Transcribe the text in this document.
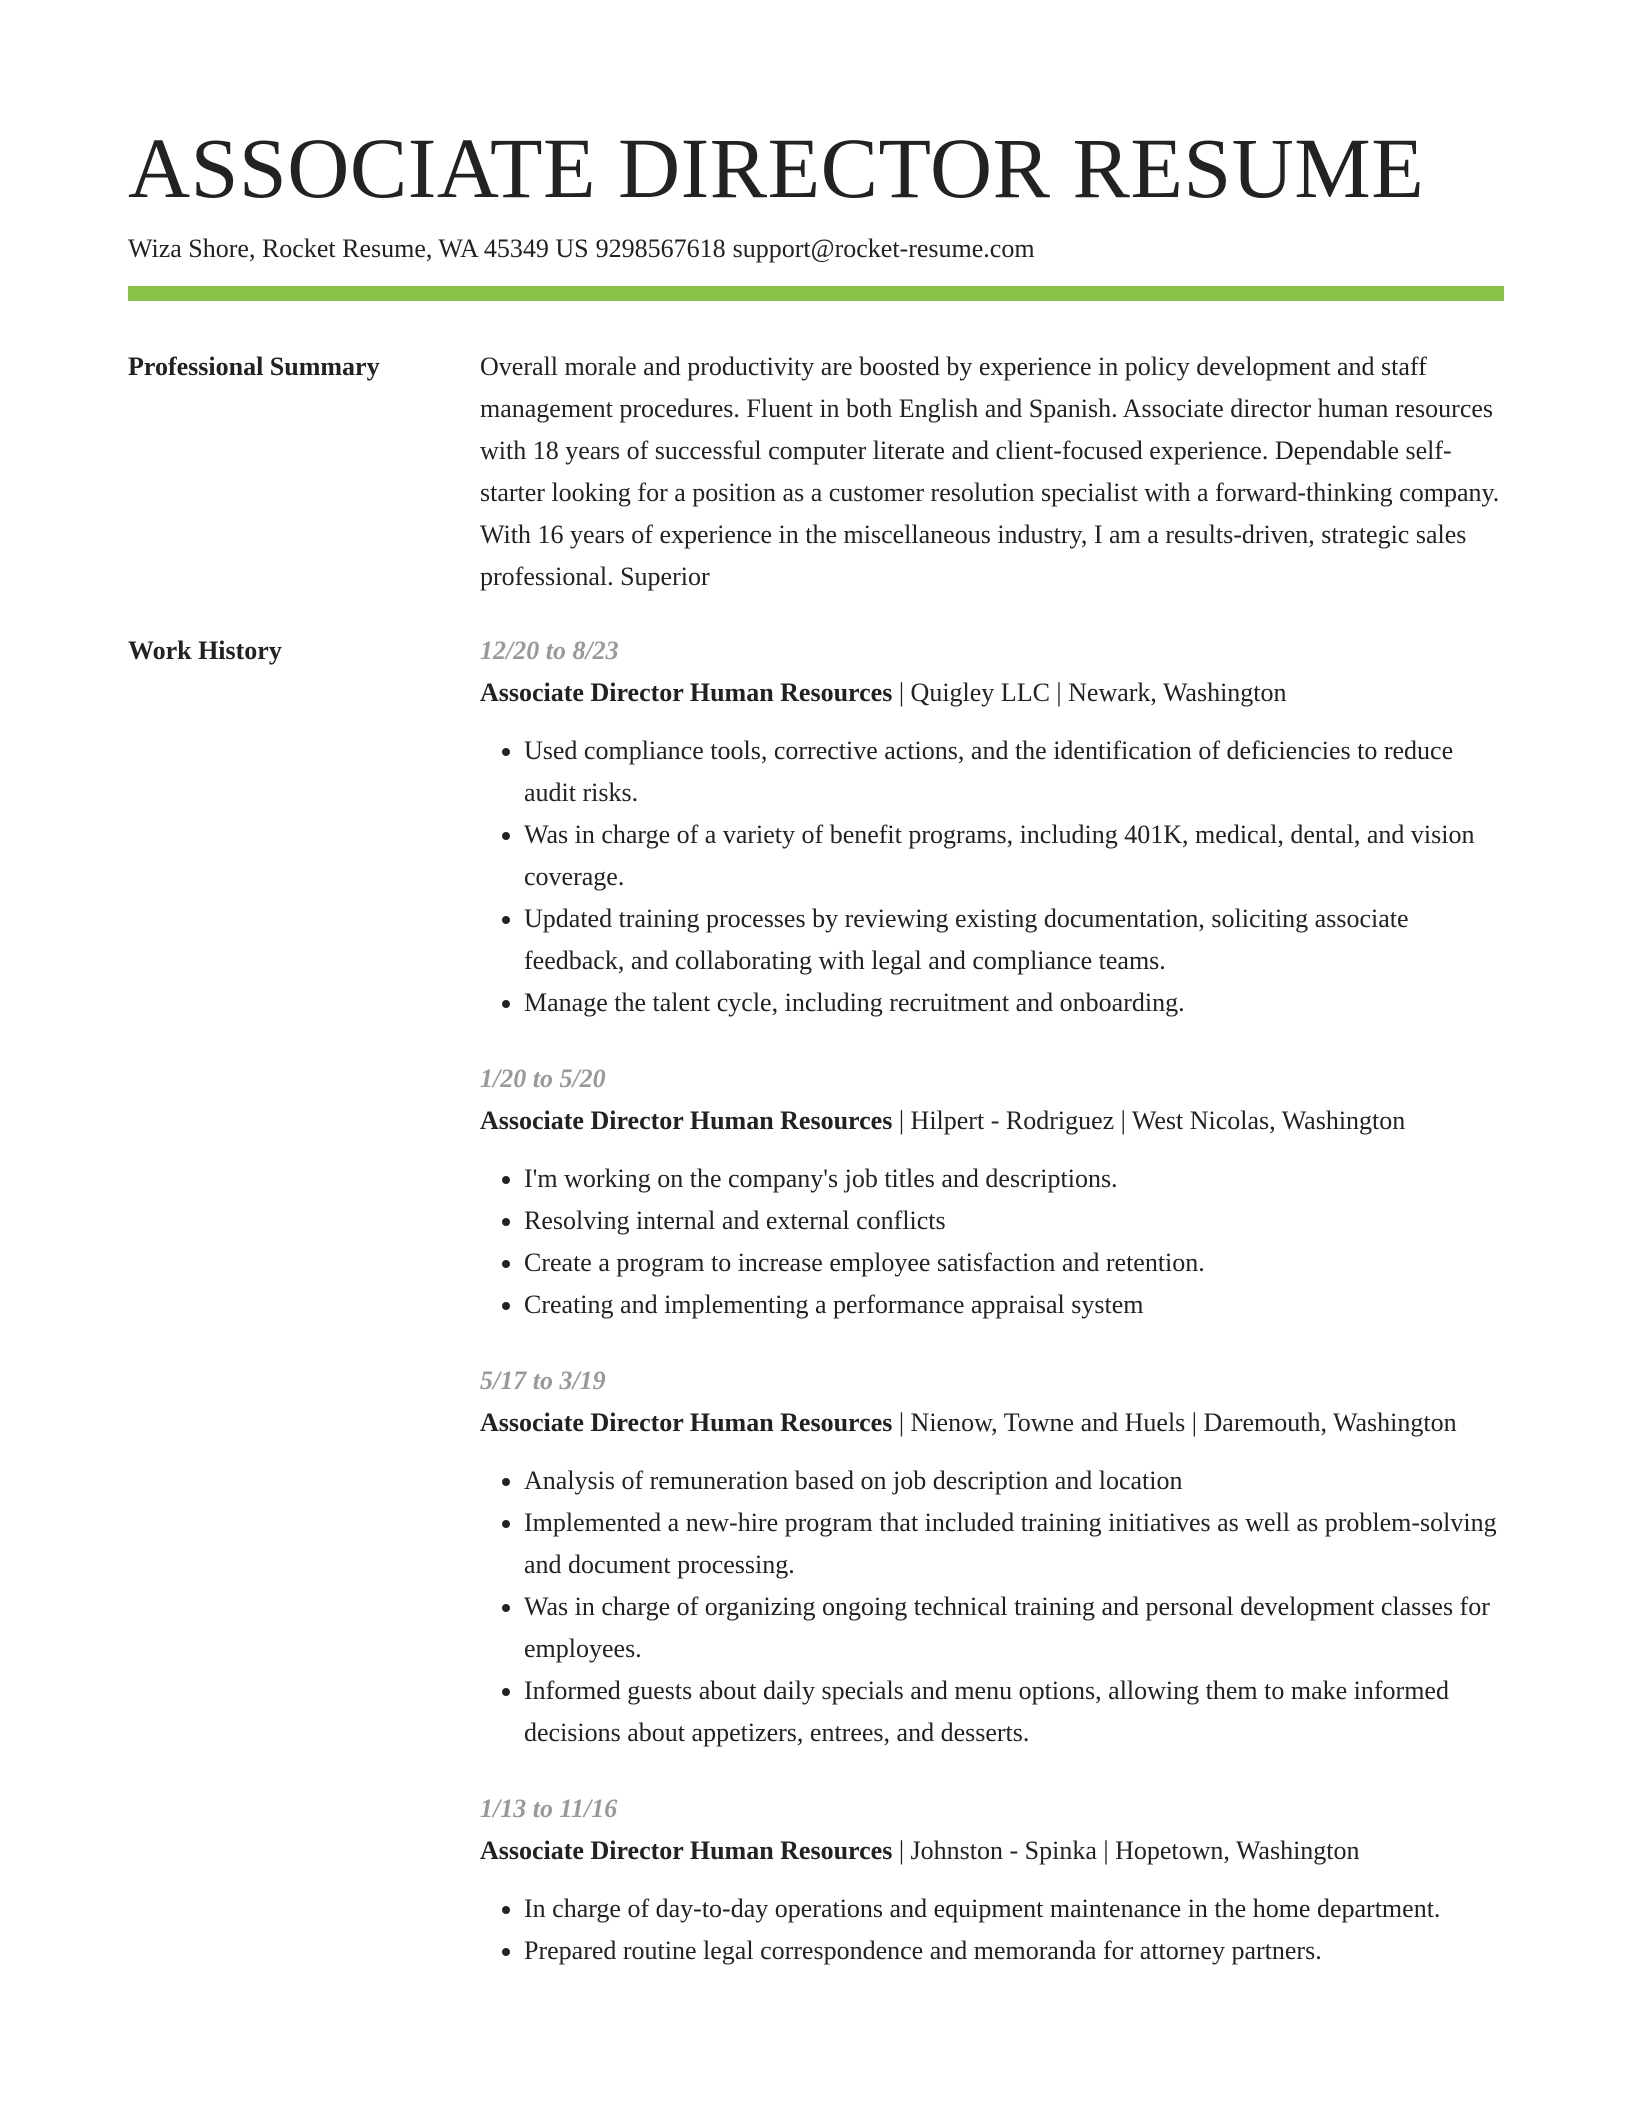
ASSOCIATE DIRECTOR RESUME
Wiza Shore, Rocket Resume, WA 45349 US 9298567618 support@rocket-resume.com
Professional Summary	Overall morale and productivity are boosted by experience in policy development and staff management procedures. Fluent in both English and Spanish. Associate director human resources with 18 years of successful computer literate and client-focused experience. Dependable self-starter looking for a position as a customer resolution specialist with a forward-thinking company. With 16 years of experience in the miscellaneous industry, I am a results-driven, strategic sales professional. Superior

Work History	12/20 to 8/23
Associate Director Human Resources | Quigley LLC | Newark, Washington
• Used compliance tools, corrective actions, and the identification of deficiencies to reduce audit risks.
• Was in charge of a variety of benefit programs, including 401K, medical, dental, and vision coverage.
• Updated training processes by reviewing existing documentation, soliciting associate feedback, and collaborating with legal and compliance teams.
• Manage the talent cycle, including recruitment and onboarding.
1/20 to 5/20
Associate Director Human Resources | Hilpert - Rodriguez | West Nicolas, Washington
• I'm working on the company's job titles and descriptions.
• Resolving internal and external conflicts
• Create a program to increase employee satisfaction and retention.
• Creating and implementing a performance appraisal system
5/17 to 3/19
Associate Director Human Resources | Nienow, Towne and Huels | Daremouth, Washington
• Analysis of remuneration based on job description and location
• Implemented a new-hire program that included training initiatives as well as problem-solving and document processing.
• Was in charge of organizing ongoing technical training and personal development classes for employees.
• Informed guests about daily specials and menu options, allowing them to make informed decisions about appetizers, entrees, and desserts.
1/13 to 11/16
Associate Director Human Resources | Johnston - Spinka | Hopetown, Washington
• In charge of day-to-day operations and equipment maintenance in the home department.
• Prepared routine legal correspondence and memoranda for attorney partners.
